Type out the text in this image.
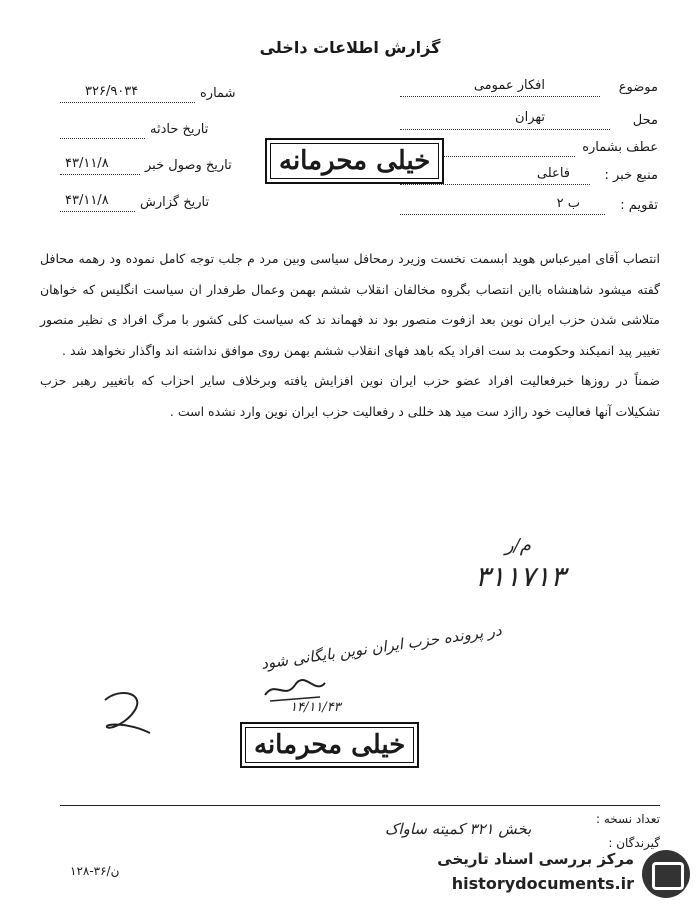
گزارش اطلاعات داخلی
موضوع
افکار عمومی
محل
تهران
عطف بشماره
منبع خبر :
فاعلی
تقویم :
ب ۲
شماره
۳۲۶/۹۰۳۴
تاریخ حادثه
تاریخ وصول خبر
۴۳/۱۱/۸
تاریخ گزارش
۴۳/۱۱/۸
خیلی محرمانه

انتصاب آقای امیرعباس هوید ابسمت نخست وزیرد رمحافل سیاسی وبین مرد م جلب توجه کامل نموده ود رهمه محافل گفته میشود شاهنشاه بااین انتصاب بگروه مخالفان انقلاب ششم بهمن وعمال طرفدار ان سیاست انگلیس که خواهان متلاشی شدن حزب ایران نوین بعد ازفوت منصور بود ند فهماند ند که سیاست کلی کشور با مرگ افراد ی نظیر منصور تغییر پید انمیکند وحکومت بد ست افراد یکه باهد فهای انقلاب ششم بهمن روی موافق نداشته اند واگذار نخواهد شد .

ضمناً در روزها خبرفعالیت افراد عضو حزب ایران نوین افزایش یافته وبرخلاف سایر احزاب که باتغییر رهبر حزب تشکیلات آنها فعالیت خود راازد ست مید هد خللی د رفعالیت حزب ایران نوین وارد نشده است .

م/ر
۳۱۱۷۱۳
در پرونده حزب ایران نوین بایگانی شود
۱۴/۱۱/۴۳
خیلی محرمانه
تعداد نسخه :
گیرندگان :
بخش ۳۲۱ کمیته ساواک
۱۲۸-۳۶/ن
مرکز بررسی اسناد تاریخی
historydocuments.ir
